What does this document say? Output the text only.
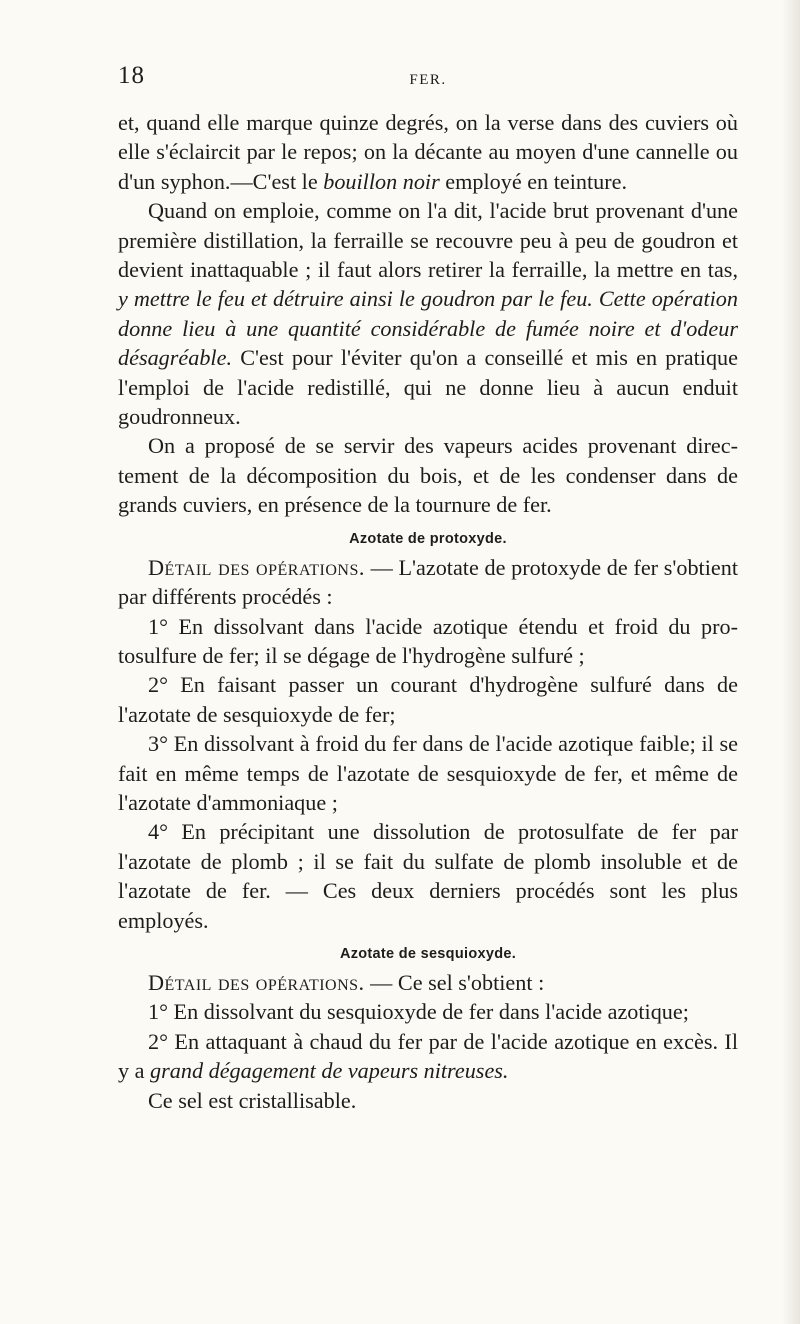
18	FER.

et, quand elle marque quinze degrés, on la verse dans des cuviers où elle s'éclaircit par le repos; on la décante au moyen d'une cannelle ou d'un syphon.—C'est le bouillon noir employé en teinture.

Quand on emploie, comme on l'a dit, l'acide brut provenant d'une première distillation, la ferraille se recouvre peu à peu de goudron et devient inattaquable ; il faut alors retirer la ferraille, la mettre en tas, y mettre le feu et détruire ainsi le goudron par le feu. Cette opération donne lieu à une quantité considérable de fumée noire et d'odeur désagréable. C'est pour l'éviter qu'on a conseillé et mis en pratique l'emploi de l'acide redistillé, qui ne donne lieu à aucun enduit goudronneux.

On a proposé de se servir des vapeurs acides provenant directement de la décomposition du bois, et de les condenser dans de grands cuviers, en présence de la tournure de fer.

Azotate de protoxyde.

Détail des opérations. — L'azotate de protoxyde de fer s'obtient par différents procédés :

1° En dissolvant dans l'acide azotique étendu et froid du protosulfure de fer; il se dégage de l'hydrogène sulfuré ;

2° En faisant passer un courant d'hydrogène sulfuré dans de l'azotate de sesquioxyde de fer;

3° En dissolvant à froid du fer dans de l'acide azotique faible; il se fait en même temps de l'azotate de sesquioxyde de fer, et même de l'azotate d'ammoniaque ;

4° En précipitant une dissolution de protosulfate de fer par l'azotate de plomb ; il se fait du sulfate de plomb insoluble et de l'azotate de fer. — Ces deux derniers procédés sont les plus employés.

Azotate de sesquioxyde.

Détail des opérations. — Ce sel s'obtient :

1° En dissolvant du sesquioxyde de fer dans l'acide azotique;

2° En attaquant à chaud du fer par de l'acide azotique en excès. Il y a grand dégagement de vapeurs nitreuses.

Ce sel est cristallisable.
